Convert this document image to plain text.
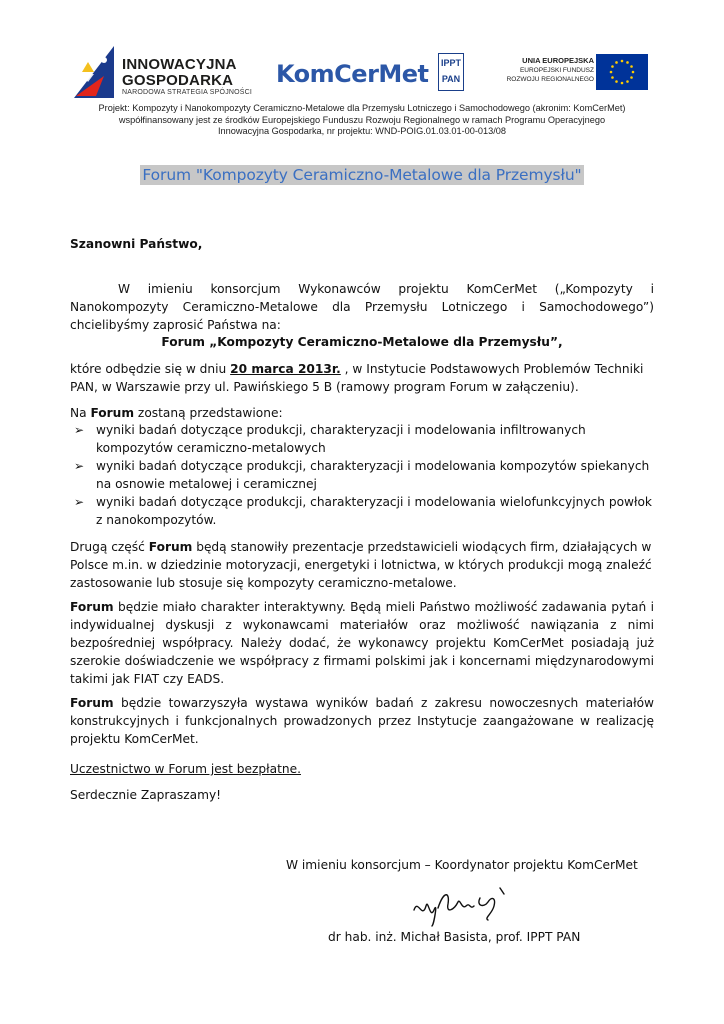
INNOWACYJNA
GOSPODARKA
NARODOWA STRATEGIA SPÓJNOŚCI
KomCerMet IPPT
PAN
UNIA EUROPEJSKA
EUROPEJSKI FUNDUSZ
ROZWOJU REGIONALNEGO
Projekt: Kompozyty i Nanokompozyty Ceramiczno-Metalowe dla Przemysłu Lotniczego i Samochodowego (akronim: KomCerMet)
współfinansowany jest ze środków Europejskiego Funduszu Rozwoju Regionalnego w ramach Programu Operacyjnego
Innowacyjna Gospodarka, nr projektu: WND-POIG.01.03.01-00-013/08
Forum "Kompozyty Ceramiczno-Metalowe dla Przemysłu"
Szanowni Państwo,
W imieniu konsorcjum Wykonawców projektu KomCerMet („Kompozyty i Nanokompozyty Ceramiczno-Metalowe dla Przemysłu Lotniczego i Samochodowego”) chcielibyśmy zaprosić Państwa na:
Forum „Kompozyty Ceramiczno-Metalowe dla Przemysłu”,
które odbędzie się w dniu 20 marca 2013r. , w Instytucie Podstawowych Problemów Techniki PAN, w Warszawie przy ul. Pawińskiego 5 B (ramowy program Forum w załączeniu).
Na Forum zostaną przedstawione:
➢ wyniki badań dotyczące produkcji, charakteryzacji i modelowania infiltrowanych kompozytów ceramiczno-metalowych
➢ wyniki badań dotyczące produkcji, charakteryzacji i modelowania kompozytów spiekanych na osnowie metalowej i ceramicznej
➢ wyniki badań dotyczące produkcji, charakteryzacji i modelowania wielofunkcyjnych powłok z nanokompozytów.
Drugą część Forum będą stanowiły prezentacje przedstawicieli wiodących firm, działających w Polsce m.in. w dziedzinie motoryzacji, energetyki i lotnictwa, w których produkcji mogą znaleźć zastosowanie lub stosuje się kompozyty ceramiczno-metalowe.
Forum będzie miało charakter interaktywny. Będą mieli Państwo możliwość zadawania pytań i indywidualnej dyskusji z wykonawcami materiałów oraz możliwość nawiązania z nimi bezpośredniej współpracy. Należy dodać, że wykonawcy projektu KomCerMet posiadają już szerokie doświadczenie we współpracy z firmami polskimi jak i koncernami międzynarodowymi takimi jak FIAT czy EADS.
Forum będzie towarzyszyła wystawa wyników badań z zakresu nowoczesnych materiałów konstrukcyjnych i funkcjonalnych prowadzonych przez Instytucje zaangażowane w realizację projektu KomCerMet.
Uczestnictwo w Forum jest bezpłatne.
Serdecznie Zapraszamy!
W imieniu konsorcjum – Koordynator projektu KomCerMet
dr hab. inż. Michał Basista, prof. IPPT PAN
